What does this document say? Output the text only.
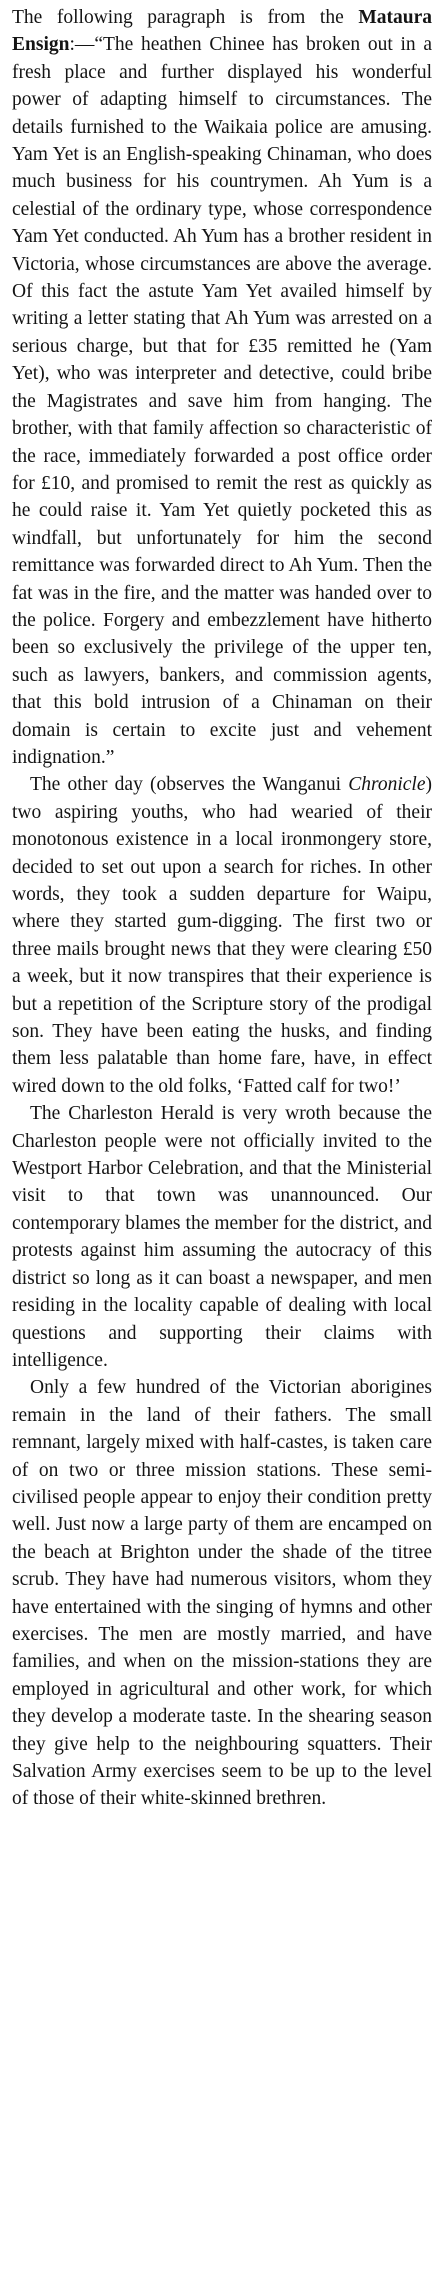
The following paragraph is from the Mataura Ensign:—“The heathen Chinee has broken out in a fresh place and further displayed his wonderful power of adapting himself to circumstances. The details furnished to the Waikaia police are amusing. Yam Yet is an English-speaking Chinaman, who does much business for his countrymen. Ah Yum is a celestial of the ordinary type, whose correspondence Yam Yet conducted. Ah Yum has a brother resident in Victoria, whose circumstances are above the average. Of this fact the astute Yam Yet availed himself by writing a letter stating that Ah Yum was arrested on a serious charge, but that for £35 remitted he (Yam Yet), who was interpreter and detective, could bribe the Magistrates and save him from hanging. The brother, with that family affection so characteristic of the race, immediately forwarded a post office order for £10, and promised to remit the rest as quickly as he could raise it. Yam Yet quietly pocketed this as windfall, but unfortunately for him the second remittance was forwarded direct to Ah Yum. Then the fat was in the fire, and the matter was handed over to the police. Forgery and embezzlement have hitherto been so exclusively the privilege of the upper ten, such as lawyers, bankers, and commission agents, that this bold intrusion of a Chinaman on their domain is certain to excite just and vehement indignation.”

The other day (observes the Wanganui Chronicle) two aspiring youths, who had wearied of their monotonous existence in a local ironmongery store, decided to set out upon a search for riches. In other words, they took a sudden departure for Waipu, where they started gum-digging. The first two or three mails brought news that they were clearing £50 a week, but it now transpires that their experience is but a repetition of the Scripture story of the prodigal son. They have been eating the husks, and finding them less palatable than home fare, have, in effect wired down to the old folks, ‘Fatted calf for two!’

The Charleston Herald is very wroth because the Charleston people were not officially invited to the Westport Harbor Celebration, and that the Ministerial visit to that town was unannounced. Our contemporary blames the member for the district, and protests against him assuming the autocracy of this district so long as it can boast a newspaper, and men residing in the locality capable of dealing with local questions and supporting their claims with intelligence.

Only a few hundred of the Victorian aborigines remain in the land of their fathers. The small remnant, largely mixed with half-castes, is taken care of on two or three mission stations. These semi-civilised people appear to enjoy their condition pretty well. Just now a large party of them are encamped on the beach at Brighton under the shade of the titree scrub. They have had numerous visitors, whom they have entertained with the singing of hymns and other exercises. The men are mostly married, and have families, and when on the mission-stations they are employed in agricultural and other work, for which they develop a moderate taste. In the shearing season they give help to the neighbouring squatters. Their Salvation Army exercises seem to be up to the level of those of their white-skinned brethren.
